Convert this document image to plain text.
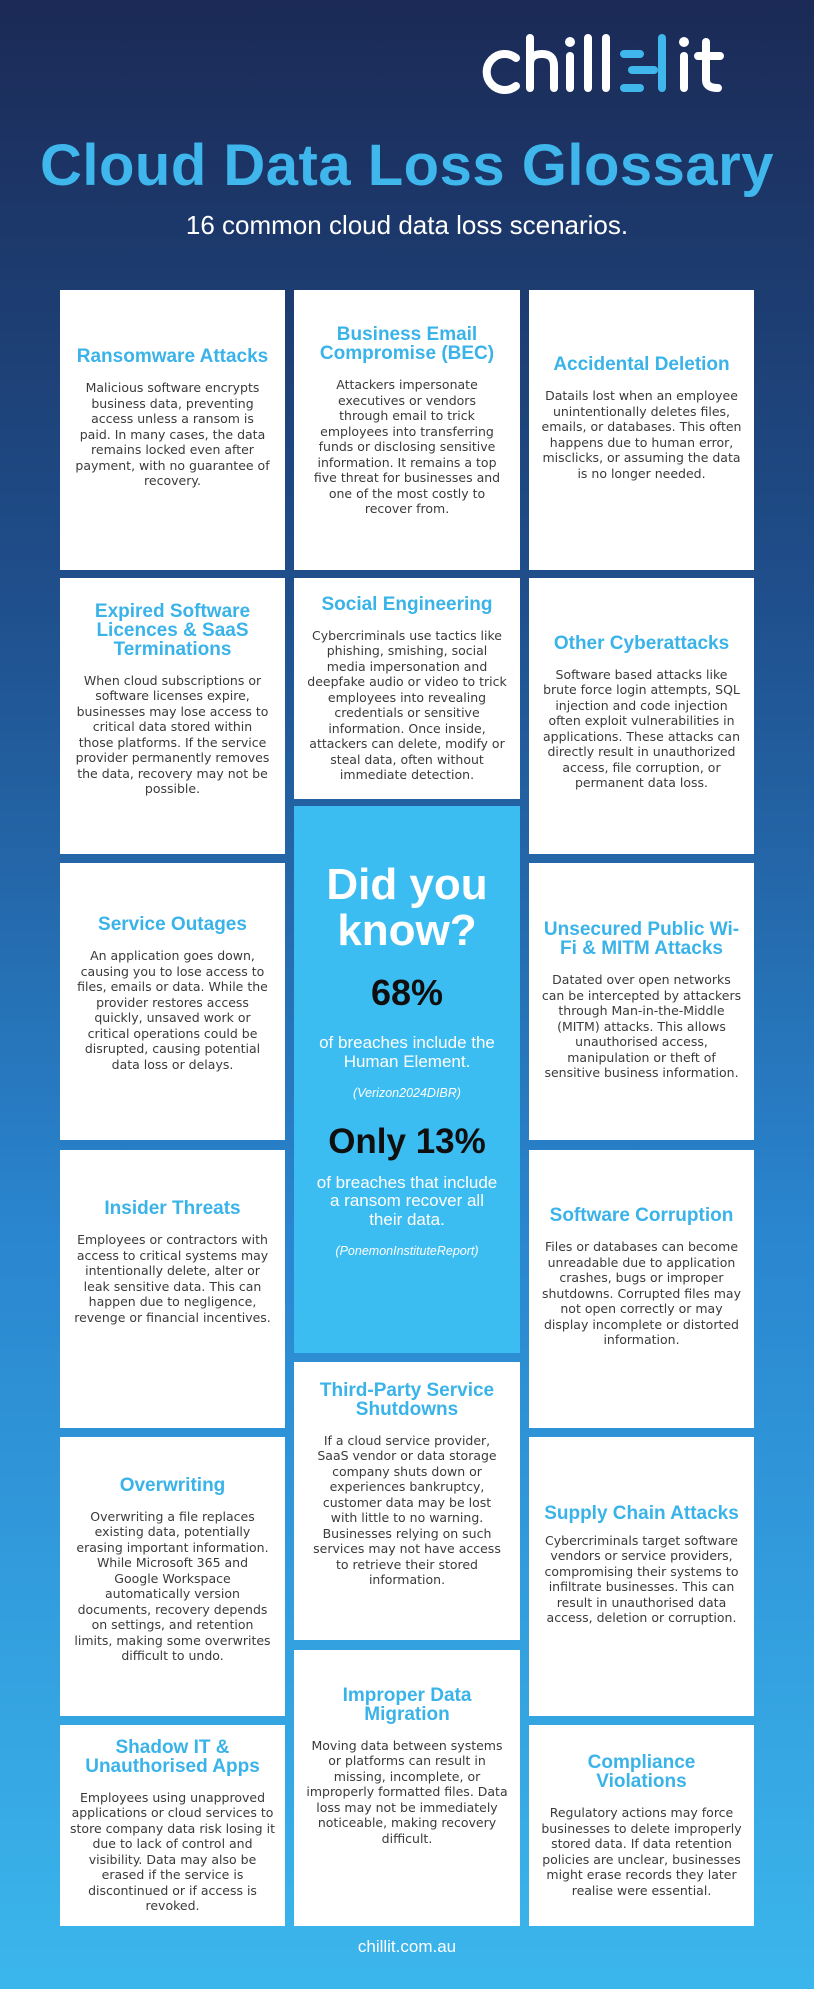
Cloud Data Loss Glossary
16 common cloud data loss scenarios.
Ransomware Attacks

Malicious software encrypts business data, preventing access unless a ransom is paid. In many cases, the data remains locked even after payment, with no guarantee of recovery.

Business Email Compromise (BEC)

Attackers impersonate executives or vendors through email to trick employees into transferring funds or disclosing sensitive information. It remains a top five threat for businesses and one of the most costly to recover from.

Accidental Deletion

Datails lost when an employee unintentionally deletes files, emails, or databases. This often happens due to human error, misclicks, or assuming the data is no longer needed.

Expired Software Licences & SaaS Terminations

When cloud subscriptions or software licenses expire, businesses may lose access to critical data stored within those platforms. If the service provider permanently removes the data, recovery may not be possible.

Social Engineering

Cybercriminals use tactics like phishing, smishing, social media impersonation and deepfake audio or video to trick employees into revealing credentials or sensitive information. Once inside, attackers can delete, modify or steal data, often without immediate detection.

Other Cyberattacks

Software based attacks like brute force login attempts, SQL injection and code injection often exploit vulnerabilities in applications. These attacks can directly result in unauthorized access, file corruption, or permanent data loss.

Did you know?
68%
of breaches include the Human Element.
(Verizon2024DIBR)
Only 13%
of breaches that include a ransom recover all their data.
(PonemonInstituteReport)
Service Outages

An application goes down, causing you to lose access to files, emails or data. While the provider restores access quickly, unsaved work or critical operations could be disrupted, causing potential data loss or delays.

Unsecured Public Wi-Fi & MITM Attacks

Datated over open networks can be intercepted by attackers through Man-in-the-Middle (MITM) attacks. This allows unauthorised access, manipulation or theft of sensitive business information.

Insider Threats

Employees or contractors with access to critical systems may intentionally delete, alter or leak sensitive data. This can happen due to negligence, revenge or financial incentives.

Software Corruption

Files or databases can become unreadable due to application crashes, bugs or improper shutdowns. Corrupted files may not open correctly or may display incomplete or distorted information.

Third-Party Service Shutdowns

If a cloud service provider, SaaS vendor or data storage company shuts down or experiences bankruptcy, customer data may be lost with little to no warning. Businesses relying on such services may not have access to retrieve their stored information.

Overwriting

Overwriting a file replaces existing data, potentially erasing important information. While Microsoft 365 and Google Workspace automatically version documents, recovery depends on settings, and retention limits, making some overwrites difficult to undo.

Supply Chain Attacks

Cybercriminals target software vendors or service providers, compromising their systems to infiltrate businesses. This can result in unauthorised data access, deletion or corruption.

Improper Data Migration

Moving data between systems or platforms can result in missing, incomplete, or improperly formatted files. Data loss may not be immediately noticeable, making recovery difficult.

Shadow IT & Unauthorised Apps

Employees using unapproved applications or cloud services to store company data risk losing it due to lack of control and visibility. Data may also be erased if the service is discontinued or if access is revoked.

Compliance Violations

Regulatory actions may force businesses to delete improperly stored data. If data retention policies are unclear, businesses might erase records they later realise were essential.

chillit.com.au
